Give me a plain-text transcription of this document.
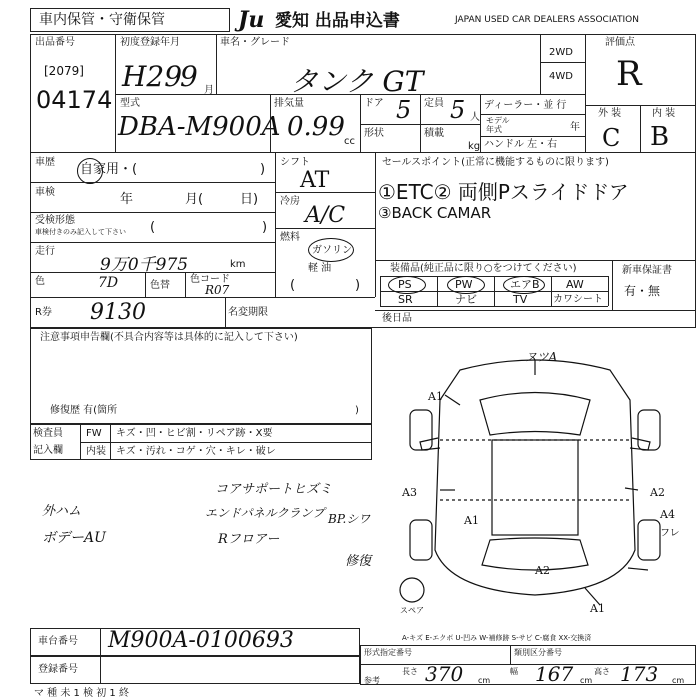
車内保管・守衛保管	Ju 愛知 出品申込書	JAPAN USED CAR DEALERS ASSOCIATION
出品番号
[2079]
04174
初度登録年月
H29
9 月
車名・グレード
タンク GT
2WD
4WD
評価点
R
外 装	内 装
C B
型式
DBA-M900A
排気量
0.99 cc
ドア 5 定員 5 人
形状	積載
kg
ディーラー・並 行
モデル 年式	年
ハンドル 左・右
車歴 自家用・(	)
車検	年	月(	日)
受検形態
車検付きのみ記入して下さい (	)
走行
9万0千975	km
色	7D	色替
色コード
R07
シフト
AT
冷房
A/C
燃料
ガソリン
軽 油
(	)
セールスポイント(正常に機能するものに限ります)
①ETC② 両側Pスライドドア
③BACK CAMAR
装備品(純正品に限り○をつけてください)	新車保証書
有・無
PS	PW	エアB AW
SR	ナビ	TV	カワシート
R券 9130	名変期限
後日品
注意事項申告欄(不具合内容等は具体的に記入して下さい)
修復歴 有(箇所	)
検査員
記入欄
FW キズ・凹・ヒビ割・リペア跡・X要
内装 キズ・汚れ・コゲ・穴・キレ・破レ
コアサポートヒズミ
外ハム	エンドパネルクランプ BP.シワ
ボデーAU	Rフロアー
修復
ヌツA
A1
A3
A1
A2
A4
フレ
A2
A1
スペア
A-キズ E-エクボ U-凹み W-補修跡 S-サビ C-腐食 XX-交換済
車台番号 M900A-0100693
登録番号
形式指定番号	類別区分番号
参考
長さ 370 cm
幅 167 cm
高さ 173 cm
マ 種 未 1 検 初 1 終
